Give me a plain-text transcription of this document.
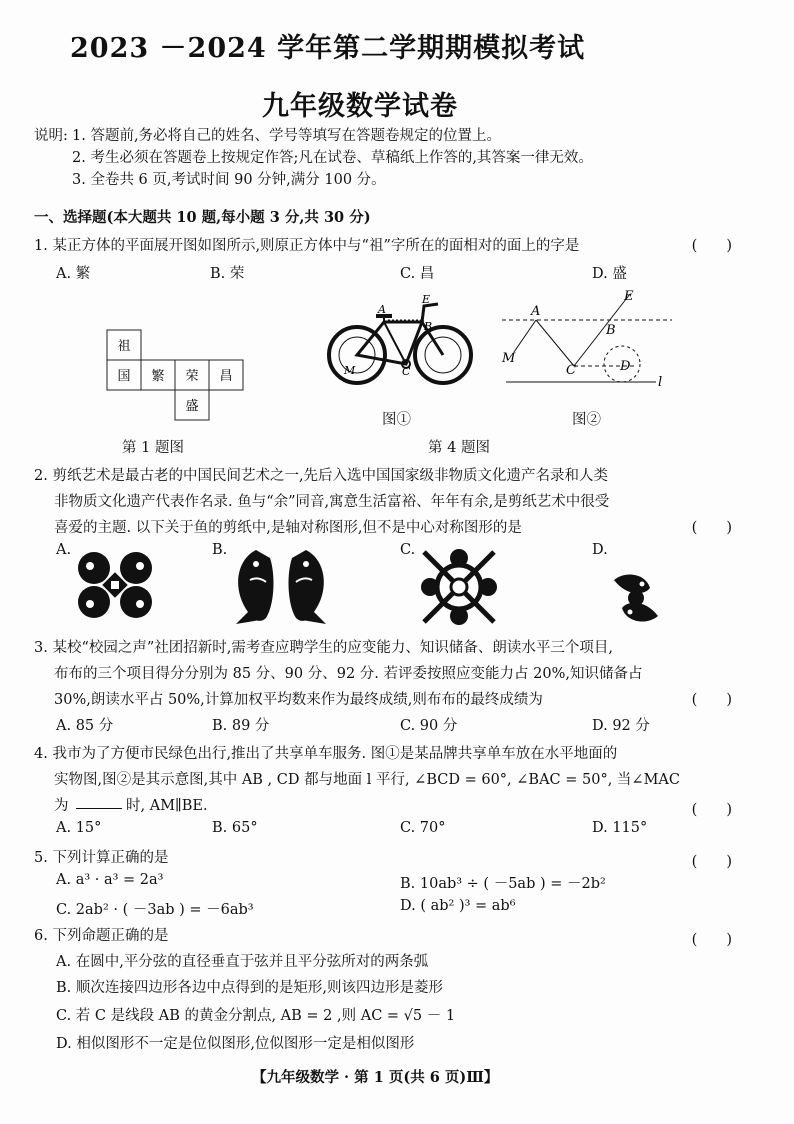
2023 －2024 学年第二学期期模拟考试
九年级数学试卷
说明: 1. 答题前,务必将自己的姓名、学号等填写在答题卷规定的位置上。
2. 考生必须在答题卷上按规定作答;凡在试卷、草稿纸上作答的,其答案一律无效。
3. 全卷共 6 页,考试时间 90 分钟,满分 100 分。
一、选择题(本大题共 10 题,每小题 3 分,共 30 分)
1. 某正方体的平面展开图如图所示,则原正方体中与“祖”字所在的面相对的面上的字是	(　　)
A. 繁	B. 荣	C. 昌	D. 盛
祖
国 繁 荣 昌
盛
第 1 题图
A
B
E
C
M
图①
A
B
C	D
E
M
l
图②
第 4 题图
2. 剪纸艺术是最古老的中国民间艺术之一,先后入选中国国家级非物质文化遗产名录和人类
非物质文化遗产代表作名录. 鱼与“余”同音,寓意生活富裕、年年有余,是剪纸艺术中很受
喜爱的主题. 以下关于鱼的剪纸中,是轴对称图形,但不是中心对称图形的是	(　　)
A.	B.	C.	D.
3. 某校“校园之声”社团招新时,需考查应聘学生的应变能力、知识储备、朗读水平三个项目,
布布的三个项目得分分别为 85 分、90 分、92 分. 若评委按照应变能力占 20%,知识储备占
30%,朗读水平占 50%,计算加权平均数来作为最终成绩,则布布的最终成绩为	(　　)
A. 85 分	B. 89 分	C. 90 分	D. 92 分
4. 我市为了方便市民绿色出行,推出了共享单车服务. 图①是某品牌共享单车放在水平地面的
实物图,图②是其示意图,其中 AB , CD 都与地面 l 平行, ∠BCD = 60°, ∠BAC = 50°, 当∠MAC
为	时, AM∥BE.	(　　)
A. 15°	B. 65°	C. 70°	D. 115°
5. 下列计算正确的是	(　　)
A. a³ · a³ = 2a³	B. 10ab³ ÷ ( －5ab ) = －2b²
C. 2ab² · ( －3ab ) = －6ab³	D. ( ab² )³ = ab⁶
6. 下列命题正确的是	(　　)
A. 在圆中,平分弦的直径垂直于弦并且平分弦所对的两条弧
B. 顺次连接四边形各边中点得到的是矩形,则该四边形是菱形
C. 若 C 是线段 AB 的黄金分割点, AB = 2 ,则 AC = √5 － 1
D. 相似图形不一定是位似图形,位似图形一定是相似图形
【九年级数学 · 第 1 页(共 6 页)Ⅲ】
